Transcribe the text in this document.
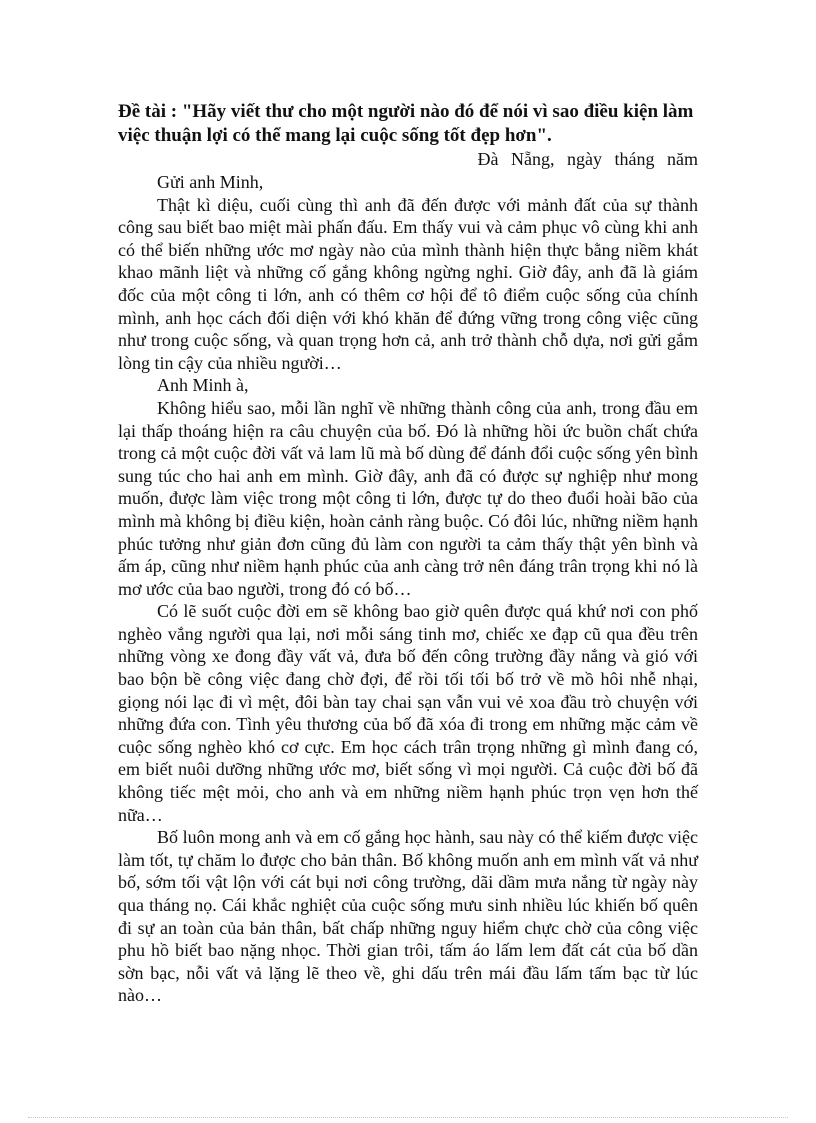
Đề tài : "Hãy viết thư cho một người nào đó để nói vì sao điều kiện làm việc thuận lợi có thể mang lại cuộc sống tốt đẹp hơn".

Đà Nẵng, ngày tháng năm

Gửi anh Minh,

Thật kì diệu, cuối cùng thì anh đã đến được với mảnh đất của sự thành công sau biết bao miệt mài phấn đấu. Em thấy vui và cảm phục vô cùng khi anh có thể biến những ước mơ ngày nào của mình thành hiện thực bằng niềm khát khao mãnh liệt và những cố gắng không ngừng nghỉ. Giờ đây, anh đã là giám đốc của một công ti lớn, anh có thêm cơ hội để tô điểm cuộc sống của chính mình, anh học cách đối diện với khó khăn để đứng vững trong công việc cũng như trong cuộc sống, và quan trọng hơn cả, anh trở thành chỗ dựa, nơi gửi gắm lòng tin cậy của nhiều người…

Anh Minh à,

Không hiểu sao, mỗi lần nghĩ về những thành công của anh, trong đầu em lại thấp thoáng hiện ra câu chuyện của bố. Đó là những hồi ức buồn chất chứa trong cả một cuộc đời vất vả lam lũ mà bố dùng để đánh đổi cuộc sống yên bình sung túc cho hai anh em mình. Giờ đây, anh đã có được sự nghiệp như mong muốn, được làm việc trong một công ti lớn, được tự do theo đuổi hoài bão của mình mà không bị điều kiện, hoàn cảnh ràng buộc. Có đôi lúc, những niềm hạnh phúc tưởng như giản đơn cũng đủ làm con người ta cảm thấy thật yên bình và ấm áp, cũng như niềm hạnh phúc của anh càng trở nên đáng trân trọng khi nó là mơ ước của bao người, trong đó có bố…

Có lẽ suốt cuộc đời em sẽ không bao giờ quên được quá khứ nơi con phố nghèo vắng người qua lại, nơi mỗi sáng tinh mơ, chiếc xe đạp cũ qua đều trên những vòng xe đong đầy vất vả, đưa bố đến công trường đầy nắng và gió với bao bộn bề công việc đang chờ đợi, để rồi tối tối bố trở về mồ hôi nhễ nhại, giọng nói lạc đi vì mệt, đôi bàn tay chai sạn vẫn vui vẻ xoa đầu trò chuyện với những đứa con. Tình yêu thương của bố đã xóa đi trong em những mặc cảm về cuộc sống nghèo khó cơ cực. Em học cách trân trọng những gì mình đang có, em biết nuôi dưỡng những ước mơ, biết sống vì mọi người. Cả cuộc đời bố đã không tiếc mệt mỏi, cho anh và em những niềm hạnh phúc trọn vẹn hơn thế nữa…

Bố luôn mong anh và em cố gắng học hành, sau này có thể kiếm được việc làm tốt, tự chăm lo được cho bản thân. Bố không muốn anh em mình vất vả như bố, sớm tối vật lộn với cát bụi nơi công trường, dãi dầm mưa nắng từ ngày này qua tháng nọ. Cái khắc nghiệt của cuộc sống mưu sinh nhiều lúc khiến bố quên đi sự an toàn của bản thân, bất chấp những nguy hiểm chực chờ của công việc phu hồ biết bao nặng nhọc. Thời gian trôi, tấm áo lấm lem đất cát của bố dần sờn bạc, nỗi vất vả lặng lẽ theo về, ghi dấu trên mái đầu lấm tấm bạc từ lúc nào…
